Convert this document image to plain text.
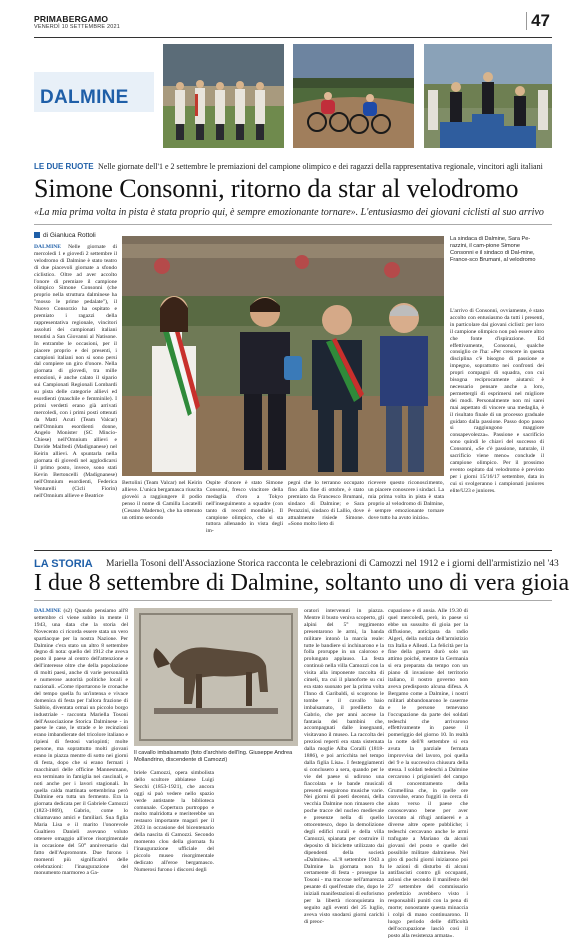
PRIMABERGAMO
VENERDÌ 10 SETTEMBRE 2021	47
DALMINE
LE DUE RUOTE Nelle giornate dell'1 e 2 settembre le premiazioni del campione olimpico e dei ragazzi della rappresentativa regionale, vincitori agli italiani
Simone Consonni, ritorno da star al velodromo
«La mia prima volta in pista è stata proprio qui, è sempre emozionante tornare». L'entusiasmo dei giovani ciclisti al suo arrivo
di Gianluca Rottoli
DALMINE Nelle giornate di mercoledì 1 e giovedì 2 settembre il velodromo di Dalmine è stato teatro di due piacevoli giornate a sfondo ciclistico. Oltre ad aver accolto l'onore di premiare il campione olimpico Simone Consonni (che proprio nella struttura dalminese ha "mosso le prime pedalate"), il Nuovo Consorzio ha ospitato e premiato i ragazzi della rappresentativa regionale, vincitori assoluti dei campionati italiani tenutisi a San Giovanni al Natisone. In entrambe le occasioni, per il piacere proprio e dei presenti, i campioni italiani non si sono persi dal compiere un giro d'onore. Nella giornata di giovedì, tra mille emozioni, è anche calato il sipario sui Campionati Regionali Lombardi su pista delle categorie allievi ed esordienti (maschile e femminile). I primi verdetti erano già arrivati mercoledì, con i primi posti ottenuti da Matti Acuti (Team Valcar) nell'Omnium esordienti donne, Angelo Monister (SC Mincio-Chiese) nell'Omnium allievi e Davide Maifredi (Madignanese) nel Keirin allievi. A spuntarla nella giornata di giovedì nel agglodicarsi il primo posto, invece, sono stati Kevin Bertoncelli (Madignanese) nell'Omnium esordienti, Federica Venturelli (Cicli Fiorin) nell'Omnium allieve e Beatrice
La sindaca di Dalmine, Sara Pe-razzini, il cam-pione Simone Consonni e il sindaco di Dal-mine, France-sco Brumani, al velodromo
L'arrivo di Consonni, ovviamente, è stato accolto con entusiasmo da tutti i presenti, in particolare dai giovani ciclisti: per loro il campione olimpico non può essere altro che fonte d'ispirazione. Ed effettivamente, Consonni, qualche consiglio ce l'ha: «Per crescere in questa disciplina c'è bisogno di passione e impegno, soprattutto nei confronti dei propri compagni di squadra, con cui bisogna reciprocamente aiutarsi: è necessario pensare anche a loro, permettergli di esprimersi nel migliore dei modi. Personalmente non mi sarei mai aspettato di vincere una medaglia, è il risultato finale di un processo graduale guidato dalla passione. Passo dopo passo si raggiungono maggiore consapevolezza». Passione e sacrificio sono quindi le chiavi del successo di Consonni, «Se c'è passione, naturale, il sacrificio viene meno» conclude il campione olimpico. Per il prossimo evento ospitato dal velodromo è previsto per i giorni 15/16/17 settembre, data in cui si svolgeranno i campionati juniores elite/U23 e juniores.
Bertolini (Team Valcar) nel Keirin allieve. L'unica bergamasca riuscita gioveòi a raggiungere il podio penso il nome di Camilla Locatelli (Cesano Maderno), che ha ottenuto un ottimo secondo
Ospite d'onore è stato Simone Consonni, fresco vincitore della medaglia d'oro a Tokyo nell'inseguimento a squadre (con tanto di record mondiale). Il campione olimpico, che si sta tuttora allenando in vista degli im-
pegni che lo terranno occupato fino alla fine di ottobre, è stato premiato da Francesco Brumani, sindaco di Dalmine; e Sara Perazzini, sindaco di Lallio, dove attualmente risiede Simone. «Sono molto lieto di
ricevere questo riconoscimento, un piacere conoscere i sindaci. La mia prima volta in pista è stata proprio al velodromo di Dalmine, è sempre emozionante tornare dove tutto ha avuto inizio».
LA STORIA Mariella Tosoni dell'Associazione Storica racconta le celebrazioni di Camozzi nel 1912 e i giorni dell'armistizio nel '43
I due 8 settembre di Dalmine, soltanto uno di vera gioia
DALMINE (s2) Quando pensiamo all'8 settembre ci viene subito in mente il 1943, una data che la storia del Novecento ci ricorda essere stata un vero spartiacque per la nostra Nazione. Per Dalmine c'era stato un altro 8 settembre degno di nota: quello del 1912 che aveva posto il paese al centro dell'attenzione e dell'interesse oltre che della popolazione di molti paesi, anche di varie personalità e numerose autorità politiche locali e nazionali. «Come riportarono le cronache del tempo quella fu un'intensa e vivace domenica di festa per l'allora frazione di Sabbio, diventata ormai un piccolo borgo industriale - racconta Mariella Tosoni dell'Associazione Storica Dalminese - in paese le case, le strade e le recinzioni erano imbandierate del tricolore italiano e ripieni di festosi variopinti; molte persone, ma soprattutto molti giovani erano in piazza mentre di sotto nei giorni di festa, dopo che si erano fermati i macchinari delle officine Mannesmann, era terminato in famiglia nei cascinali, e noti anche per i lavori stagionali. In quella calda mattinata settembrina però Dalmine era tutta un fermento. Era la giornata dedicata per il Gabriele Camozzi (1823-1869), Gabrio, come lo chiamavano amici e familiari. Sua figlia Maria Lisa e il marito l'onorevole Gualtiero Danieli avevano voluto ottenere omaggio all'eroe risorgimentale in occasione del 50° anniversario dal fatto dell'Aspromonte. Due furono i momenti più significativi delle celebrazioni: l'inaugurazione del monumento marmoreo a Ga-
Il cavallo imbalsamato (foto d'archivio dell'Ing. Giuseppe Andrea Mollandrino, discendente di Camozzi)
briele Camozzi, opera simbolista dello scultore abbiatese Luigi Secchi (1853-1921), che ancora oggi si può vedere nello spazio verde antistante la biblioteca comunale. Copertura purtroppo e molto malridotta e meriterebbe un restauro importante magari per il 2023 in occasione del bicentenario della nascita di Camozzi. Secondo momento clou della giornata fu l'inaugurazione ufficiale del piccolo museo risorgimentale dedicato all'eroe bergamasco. Numerosi furono i discorsi degli
oratori intervenuti in piazza. Mentre il busto veniva scoperto, gli alpini del 5° reggimento presentarono le armi, la banda militare intonò la marcia reale: tutte le bandiere si inchinarono e la folla proruppe in un caloroso e prolungato applauso. La festa continuò nella villa Camozzi con la visita alla imponente raccolta di cimeli, tra cui il planoforte su cui era stato suonato per la prima volta l'Inno di Garibaldi, si scoprono le tombe e il cavallo baio imbalsamato, il prediletto da Gabrio, che per anni accese la fantasia dei bambini che, accompagnati dalle insegnanti, visitavano il museo. La raccolta dei preziosi reperti era stata sistemata dalla moglie Alba Coralli (1818-1886), e poi arricchita nel tempo dalla figlia Lisa». I festeggiamenti si conclusero a sera, quando per le vie del paese si udirono una fiaccolata e le bande musicali presenti eseguirono musiche varie. Nei giorni di poeti decenni, della vecchia Dalmine non rimasero che poche tracce del nucleo medievale e presenze nella di quello ottocentesco, dopo la demolizione degli edifici rurali e della villa Camozzi, spianata per costruire il deposito di biciclette utilizzato dai dipendenti della società «Dalmine». «L'8 settembre 1943 a Dalmine la giornata non fu certamente di festa - prosegue la Tosoni - ma traccose nell'amarezza pesante di quell'estate che, dopo le iniziali manifestazioni di euforismo per la libertà riconquistata in seguito agli eventi del 25 luglio, aveva visto snodarsi giorni carichi di preoc-
cupazione e di ansia. Alle 19.30 di quel mercoledì, però, in paese si ebbe un sussulto di gioia per la diffusione, anticipata da radio Algeri, della notizia dell'armistizio tra Italia e Alleati. La felicità per la fine della guerra durò solo un attimo poiché, mentre la Germania si era preparata da tempo con un piano di invasione del territorio italiano, il nostro governo non aveva predisposto alcuna difesa. A Bergamo come a Dalmine, i nostri militari abbandonarono le caserme e le persone temevano l'occupazione da parte dei soldati tedeschi che arrivarono effettivamente in paese il pomeriggio del giorno 10. In realtà la notte dell'8 settembre si era avuta la parziale fermata improvvisa del lavoro, poi quella del 9 e la successiva chiusura della stessa. I soldati tedeschi a Dalmine cercarono i prigionieri del campo di concentramento della Grumellina che, in quelle ore convulse, erano fuggiti in cerca di aiuto verso il paese che conoscevano bene per aver lavorato ai rifugi antiaerei e a diverse altre opere pubbliche; i tedeschi cercavano anche le armi trafugate a Mariano da alcuni giovani del posto e quelle del possibile militare dalminese. Nel giro di pochi giorni iniziarono poi le azioni di disturbo di alcuni antifascisti contro gli occupanti, azioni che secondo il manifesto del 27 settembre del commissario prefettizio avrebbero visto i responsabili puniti con la pena di morte; nonostante questa minaccia i colpi di mano continuarono. Il luogo periodo delle difficoltà dell'occupazione lasciò così il posto alla resistenza armata».
